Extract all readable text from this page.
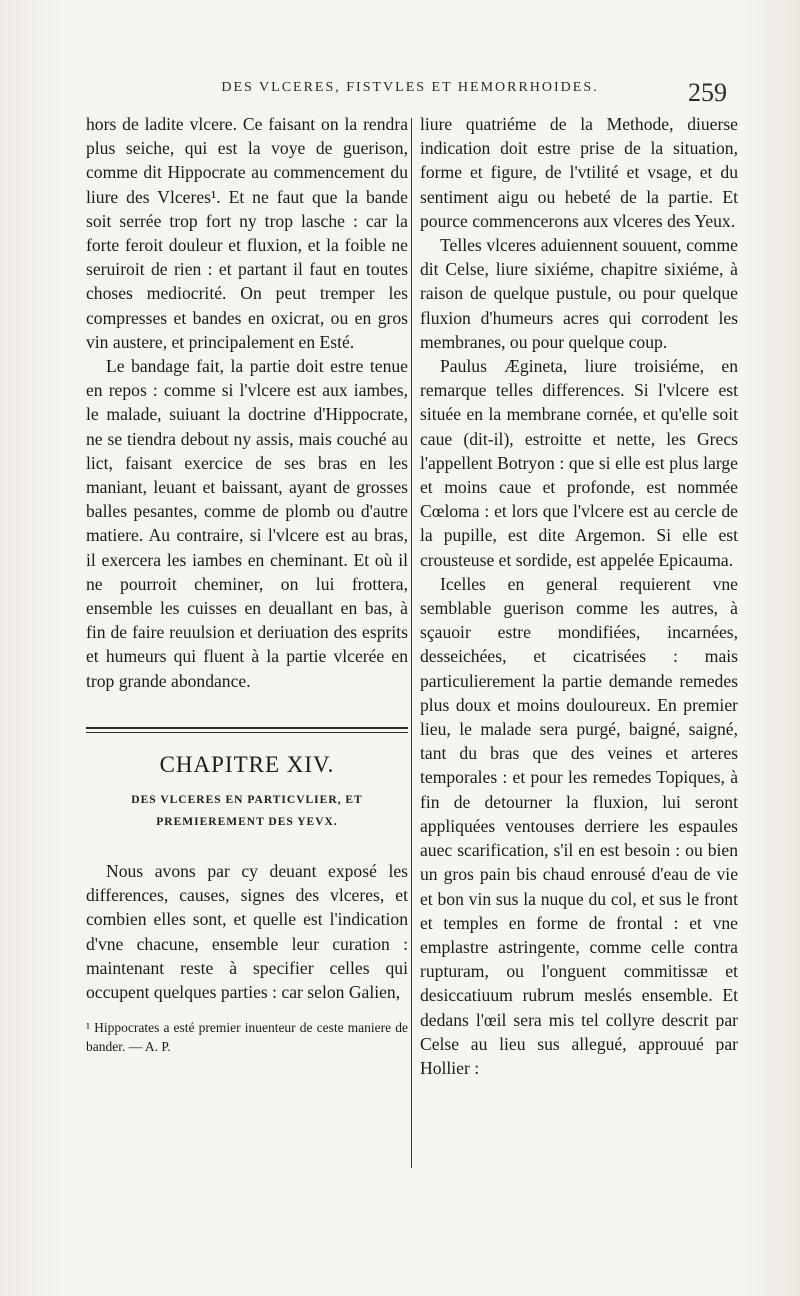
DES VLCERES, FISTVLES ET HEMORRHOIDES.	259

hors de ladite vlcere. Ce faisant on la rendra plus seiche, qui est la voye de guerison, comme dit Hippocrate au commencement du liure des Vlceres¹. Et ne faut que la bande soit serrée trop fort ny trop lasche : car la forte feroit douleur et fluxion, et la foible ne seruiroit de rien : et partant il faut en toutes choses mediocrité. On peut tremper les compresses et bandes en oxicrat, ou en gros vin austere, et principalement en Esté.

Le bandage fait, la partie doit estre tenue en repos : comme si l'vlcere est aux iambes, le malade, suiuant la doctrine d'Hippocrate, ne se tiendra debout ny assis, mais couché au lict, faisant exercice de ses bras en les maniant, leuant et baissant, ayant de grosses balles pesantes, comme de plomb ou d'autre matiere. Au contraire, si l'vlcere est au bras, il exercera les iambes en cheminant. Et où il ne pourroit cheminer, on lui frottera, ensemble les cuisses en deuallant en bas, à fin de faire reuulsion et deriuation des esprits et humeurs qui fluent à la partie vlcerée en trop grande abondance.

CHAPITRE XIV.
DES VLCERES EN PARTICVLIER, ET
PREMIEREMENT DES YEVX.

Nous avons par cy deuant exposé les differences, causes, signes des vlceres, et combien elles sont, et quelle est l'indication d'vne chacune, ensemble leur curation : maintenant reste à specifier celles qui occupent quelques parties : car selon Galien,

¹ Hippocrates a esté premier inuenteur de ceste maniere de bander. — A. P.

liure quatriéme de la Methode, diuerse indication doit estre prise de la situation, forme et figure, de l'vtilité et vsage, et du sentiment aigu ou hebeté de la partie. Et pource commencerons aux vlceres des Yeux.

Telles vlceres aduiennent souuent, comme dit Celse, liure sixiéme, chapitre sixiéme, à raison de quelque pustule, ou pour quelque fluxion d'humeurs acres qui corrodent les membranes, ou pour quelque coup.

Paulus Ægineta, liure troisiéme, en remarque telles differences. Si l'vlcere est située en la membrane cornée, et qu'elle soit caue (dit-il), estroitte et nette, les Grecs l'appellent Botryon : que si elle est plus large et moins caue et profonde, est nommée Cœloma : et lors que l'vlcere est au cercle de la pupille, est dite Argemon. Si elle est crousteuse et sordide, est appelée Epicauma.

Icelles en general requierent vne semblable guerison comme les autres, à sçauoir estre mondifiées, incarnées, desseichées, et cicatrisées : mais particulierement la partie demande remedes plus doux et moins douloureux. En premier lieu, le malade sera purgé, baigné, saigné, tant du bras que des veines et arteres temporales : et pour les remedes Topiques, à fin de detourner la fluxion, lui seront appliquées ventouses derriere les espaules auec scarification, s'il en est besoin : ou bien un gros pain bis chaud enrousé d'eau de vie et bon vin sus la nuque du col, et sus le front et temples en forme de frontal : et vne emplastre astringente, comme celle contra rupturam, ou l'onguent commitissæ et desiccatiuum rubrum meslés ensemble. Et dedans l'œil sera mis tel collyre descrit par Celse au lieu sus allegué, approuué par Hollier :
